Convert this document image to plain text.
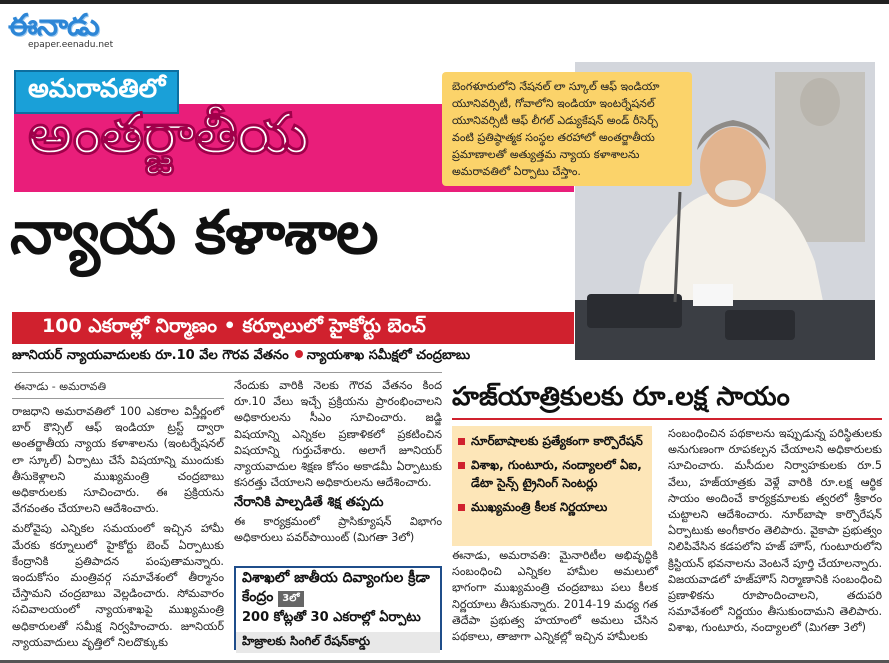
ఈనాడు
epaper.eenadu.net
అమరావతిలో
అంతర్జాతీయ
న్యాయ కళాశాల
బెంగళూరులోని నేషనల్ లా స్కూల్ ఆఫ్ ఇండియా యూనివర్సిటీ, గోవాలోని ఇండియా ఇంటర్నేషనల్ యూనివర్సిటీ ఆఫ్ లీగల్ ఎడ్యుకేషన్ అండ్ రీసెర్చ్ వంటి ప్రతిష్ఠాత్మక సంస్థల తరహాలో అంతర్జాతీయ ప్రమాణాలతో అత్యుత్తమ న్యాయ కళాశాలను అమరావతిలో ఏర్పాటు చేస్తాం.
100 ఎకరాల్లో నిర్మాణం • కర్నూలులో హైకోర్టు బెంచ్
జూనియర్ న్యాయవాదులకు రూ.10 వేల గౌరవ వేతనం న్యాయశాఖ సమీక్షలో చంద్రబాబు
ఈనాడు - అమరావతి
రాజధాని అమరావతిలో 100 ఎకరాల విస్తీర్ణంలో బార్ కౌన్సిల్ ఆఫ్ ఇండియా ట్రస్ట్ ద్వారా అంతర్జాతీయ న్యాయ కళాశాలను (ఇంటర్నేషనల్ లా స్కూల్) ఏర్పాటు చేసే విషయాన్ని ముందుకు తీసుకెళ్లాలని ముఖ్యమంత్రి చంద్రబాబు అధికారులకు సూచించారు. ఈ ప్రక్రియను వేగవంతం చేయాలని ఆదేశించారు.
మరోవైపు ఎన్నికల సమయంలో ఇచ్చిన హామీ మేరకు కర్నూలులో హైకోర్టు బెంచ్ ఏర్పాటుకు కేంద్రానికి ప్రతిపాదన పంపుతామన్నారు. ఇందుకోసం మంత్రివర్గ సమావేశంలో తీర్మానం చేస్తామని చంద్రబాబు వెల్లడించారు. సోమవారం సచివాలయంలో న్యాయశాఖపై ముఖ్యమంత్రి అధికారులతో సమీక్ష నిర్వహించారు. జూనియర్ న్యాయవాదులు వృత్తిలో నిలదొక్కుకు
నేందుకు వారికి నెలకు గౌరవ వేతనం కింద రూ.10 వేలు ఇచ్చే ప్రక్రియను ప్రారంభించాలని అధికారులను సీఎం సూచించారు. జడ్జి విషయాన్ని ఎన్నికల ప్రణాళికలో ప్రకటించిన విషయాన్ని గుర్తుచేశారు. అలాగే జూనియర్ న్యాయవాదుల శిక్షణ కోసం అకాడమీ ఏర్పాటుకు కసరత్తు చేయాలని అధికారులను ఆదేశించారు.
నేరానికి పాల్పడితే శిక్ష తప్పదు
ఈ కార్యక్రమంలో ప్రాసిక్యూషన్ విభాగం అధికారులు పవర్‌పాయింట్ (మిగతా 3లో)
విశాఖలో జాతీయ దివ్యాంగుల క్రీడా కేంద్రం 3లో
200 కోట్లతో 30 ఎకరాల్లో ఏర్పాటు
హిజ్రాలకు సింగిల్ రేషన్‌కార్డు
హజ్‌యాత్రికులకు రూ.లక్ష సాయం
నూర్‌బాషాలకు ప్రత్యేకంగా కార్పొరేషన్
విశాఖ, గుంటూరు, నంద్యాలలో ఏఐ, డేటా సైన్స్ ట్రైనింగ్ సెంటర్లు
ముఖ్యమంత్రి కీలక నిర్ణయాలు
ఈనాడు, అమరావతి: మైనారిటీల అభివృద్ధికి సంబంధించి ఎన్నికల హామీల అమలులో భాగంగా ముఖ్యమంత్రి చంద్రబాబు పలు కీలక నిర్ణయాలు తీసుకున్నారు. 2014-19 మధ్య గత తెదేపా ప్రభుత్వ హయాంలో అమలు చేసిన పథకాలు, తాజాగా ఎన్నికల్లో ఇచ్చిన హామీలకు
సంబంధించిన పథకాలను ఇప్పుడున్న పరిస్థితులకు అనుగుణంగా రూపకల్పన చేయాలని అధికారులకు సూచించారు. మసీదుల నిర్వాహకులకు రూ.5 వేలు, హజ్‌యాత్రకు వెళ్లే వారికి రూ.లక్ష ఆర్థిక సాయం అందించే కార్యక్రమాలకు త్వరలో శ్రీకారం చుట్టాలని ఆదేశించారు. నూర్‌బాషా కార్పొరేషన్ ఏర్పాటుకు అంగీకారం తెలిపారు. వైకాపా ప్రభుత్వం నిలిపివేసిన కడపలోని హజ్ హౌస్, గుంటూరులోని క్రిస్టియన్ భవనాలను వెంటనే పూర్తి చేయాలన్నారు. విజయవాడలో హజ్‌హౌస్ నిర్మాణానికి సంబంధించి ప్రణాళికను రూపొందించాలని, తదుపరి సమావేశంలో నిర్ణయం తీసుకుందామని తెలిపారు. విశాఖ, గుంటూరు, నంద్యాలలో (మిగతా 3లో)
